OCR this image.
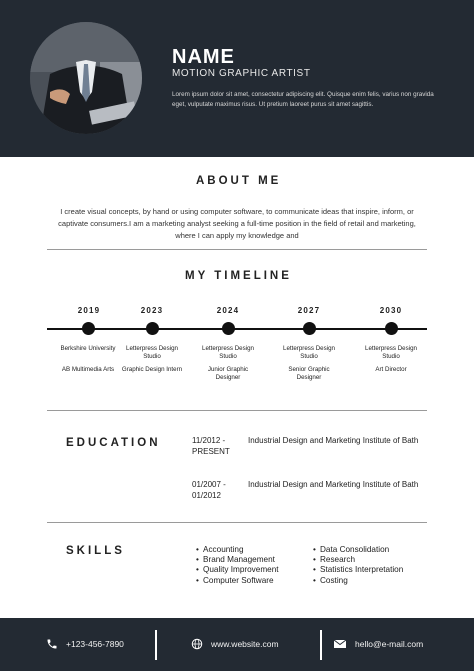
NAME
MOTION GRAPHIC ARTIST
Lorem ipsum dolor sit amet, consectetur adipiscing elit. Quisque enim felis, varius non gravida eget, vulputate maximus risus. Ut pretium laoreet purus sit amet sagittis.
ABOUT ME
I create visual concepts, by hand or using computer software, to communicate ideas that inspire, inform, or captivate consumers.I am a marketing analyst seeking a full-time position in the field of retail and marketing, where I can apply my knowledge and
MY TIMELINE
2019	2023	2024	2027	2030
Berkshire University	Letterpress Design Studio
Letterpress Design Studio
Letterpress Design Studio
Letterpress Design Studio
AB Multimedia Arts	Graphic Design Intern	Junior Graphic Designer
Senior Graphic Designer
Art Director
EDUCATION	11/2012 - PRESENT
Industrial Design and Marketing Institute of Bath
01/2007 - 01/2012
Industrial Design and Marketing Institute of Bath
SKILLS
•	Accounting
• Brand Management
• Quality Improvement
• Computer Software
• Data Consolidation
• Research
• Statistics Interpretation
• Costing
+123-456-7890	www.website.com	hello@e-mail.com
